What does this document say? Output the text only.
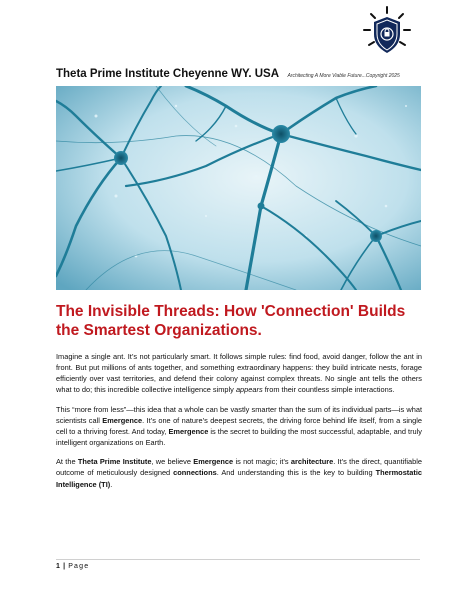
Theta Prime Institute Cheyenne WY. USA Architecting A More Viable Future...Copyright 2025
The Invisible Threads: How 'Connection' Builds the Smartest Organizations.

Imagine a single ant. It’s not particularly smart. It follows simple rules: find food, avoid danger, follow the ant in front. But put millions of ants together, and something extraordinary happens: they build intricate nests, forage efficiently over vast territories, and defend their colony against complex threats. No single ant tells the others what to do; this incredible collective intelligence simply appears from their countless simple interactions.

This “more from less”—this idea that a whole can be vastly smarter than the sum of its individual parts—is what scientists call Emergence. It’s one of nature’s deepest secrets, the driving force behind life itself, from a single cell to a thriving forest. And today, Emergence is the secret to building the most successful, adaptable, and truly intelligent organizations on Earth.

At the Theta Prime Institute, we believe Emergence is not magic; it’s architecture. It’s the direct, quantifiable outcome of meticulously designed connections. And understanding this is the key to building Thermostatic Intelligence (TI).

1 | Page
